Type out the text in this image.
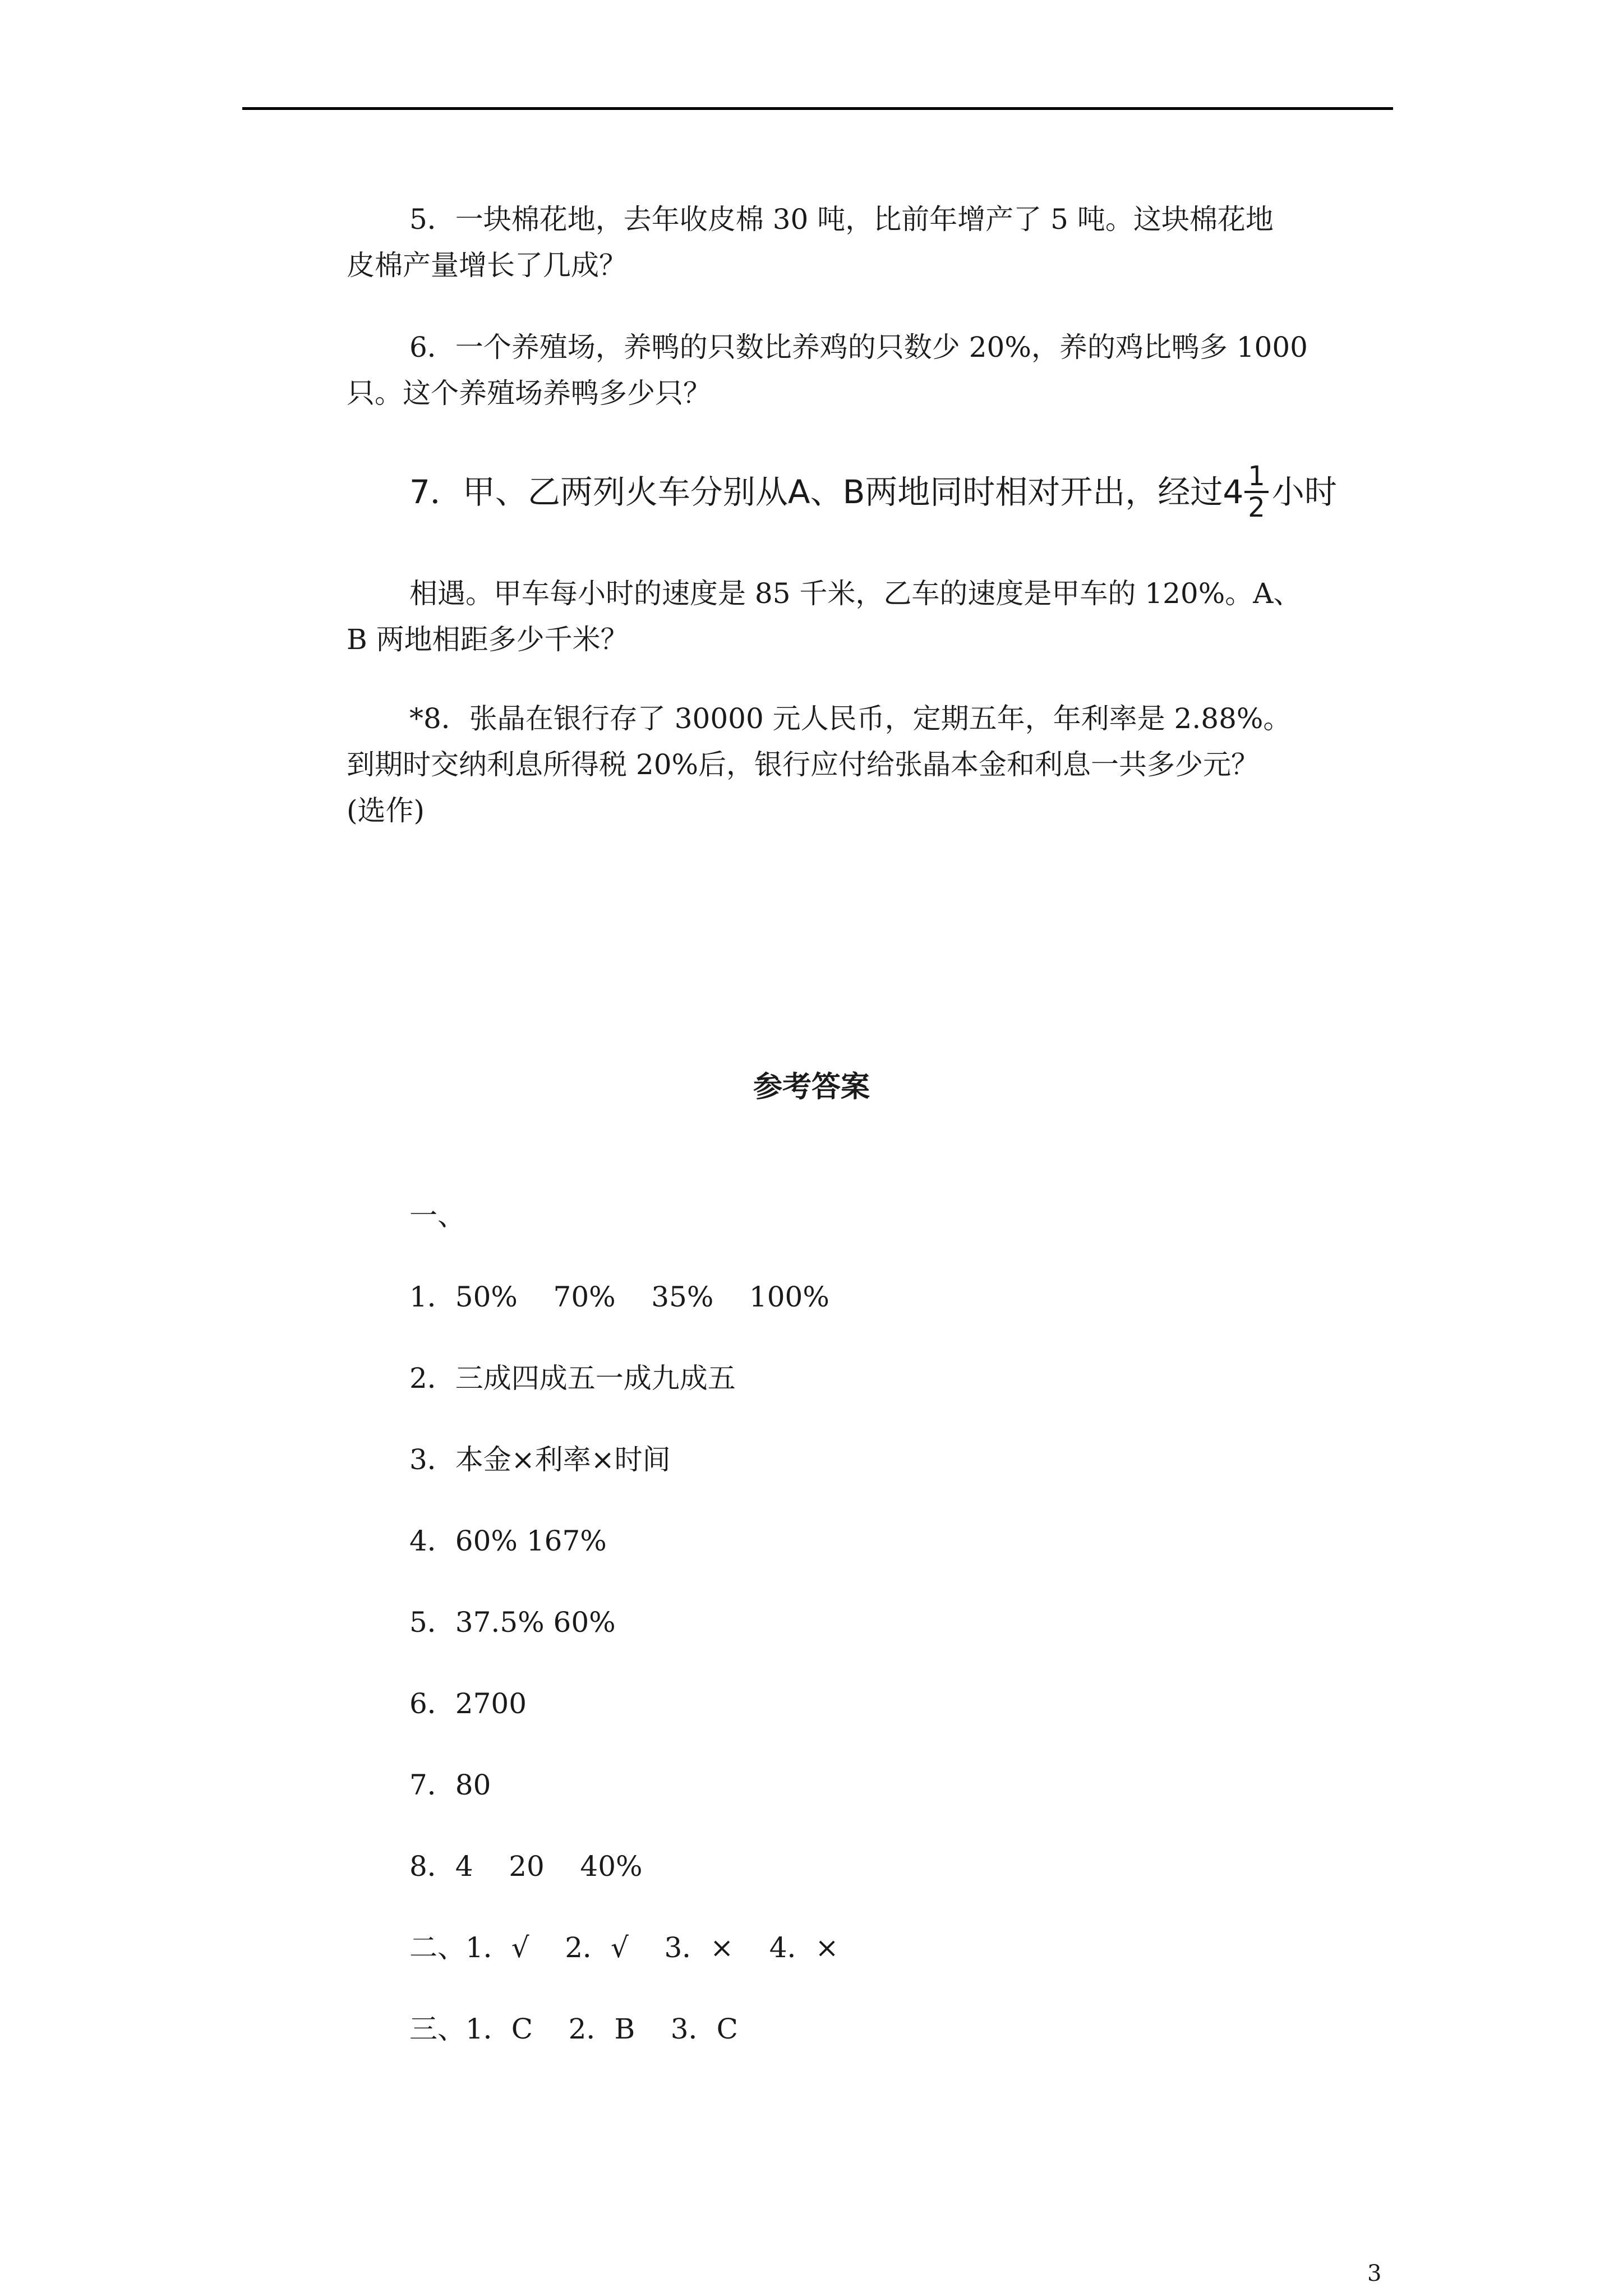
5．一块棉花地，去年收皮棉 30 吨，比前年增产了 5 吨。这块棉花地
皮棉产量增长了几成？

6．一个养殖场，养鸭的只数比养鸡的只数少 20%，养的鸡比鸭多 1000
只。这个养殖场养鸭多少只？

7．甲、乙两列火车分别从A、B两地同时相对开出，经过$4 \frac{1}{2}$ 小时

相遇。甲车每小时的速度是 85 千米，乙车的速度是甲车的 120%。A、
B 两地相距多少千米？

*8．张晶在银行存了 30000 元人民币，定期五年，年利率是 2.88%。
到期时交纳利息所得税 20%后，银行应付给张晶本金和利息一共多少元？
(选作)

参考答案
一、
1．50%    70%    35%    100%
2．三成四成五一成九成五
3．本金×利率×时间
4．60% 167%
5．37.5% 60%
6．2700
7．80
8．4    20    40%
二、1．√    2．√    3．×    4．×
三、1．C    2．B    3．C
3
